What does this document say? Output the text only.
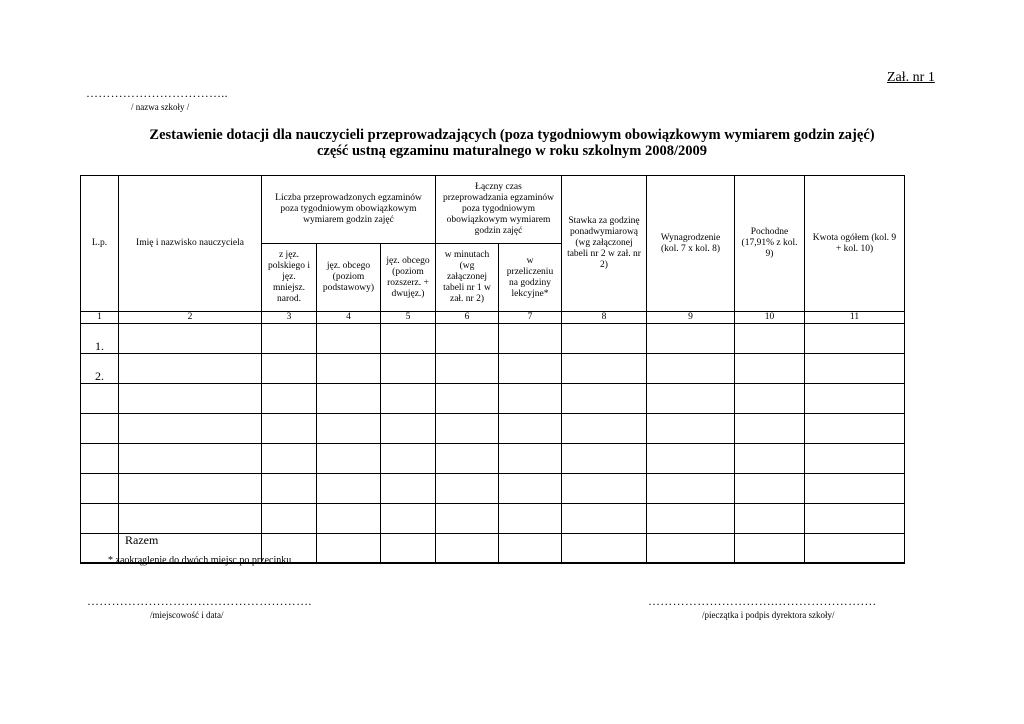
Zał. nr 1
……………………………..
/ nazwa szkoły /
Zestawienie dotacji dla nauczycieli przeprowadzających (poza tygodniowym obowiązkowym wymiarem godzin zajęć)
część ustną egzaminu maturalnego w roku szkolnym 2008/2009
L.p.	Imię i nazwisko nauczyciela	Liczba przeprowadzonych egzaminów poza tygodniowym obowiązkowym wymiarem godzin zajęć			Łączny czas przeprowadzania egzaminów poza tygodniowym obowiązkowym wymiarem godzin zajęć		Stawka za godzinę ponadwymiarową (wg załączonej tabeli nr 2 w zał. nr 2)	Wynagrodzenie (kol. 7 x kol. 8)	Pochodne (17,91% z kol. 9)	Kwota ogółem (kol. 9 + kol. 10)
		z jęz. polskiego i jęz. mniejsz. narod.	jęz. obcego (poziom podstawowy)	jęz. obcego (poziom rozszerz. + dwujęz.)	w minutach (wg załączonej tabeli nr 1 w zał. nr 2)	w przeliczeniu na godziny lekcyjne*				
1	2	3	4	5	6	7	8	9	10	11
1.										
2.										

	Razem									
* zaokrąglenie do dwóch miejsc po przecinku
……………………………………………….
/miejscowość i data/
………………………….…………………….
/pieczątka i podpis dyrektora szkoły/
